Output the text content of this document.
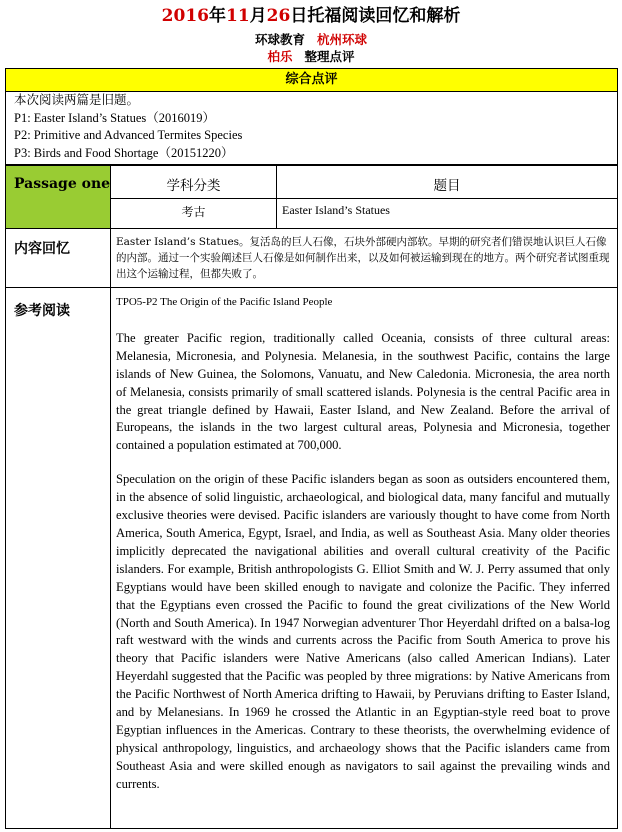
2016年11月26日托福阅读回忆和解析
环球教育 杭州环球
柏乐 整理点评
综合点评
本次阅读两篇是旧题。
P1: Easter Island’s Statues（2016019）
P2: Primitive and Advanced Termites Species
P3: Birds and Food Shortage（20151220）
Passage one	学科分类	题目
考古	Easter Island’s Statues
内容回忆	Easter Island’s Statues。复活岛的巨人石像，石块外部硬内部软。早期的研究者们错误地认识巨人石像的内部。通过一个实验阐述巨人石像是如何制作出来，以及如何被运输到现在的地方。两个研究者试图重现出这个运输过程，但都失败了。
参考阅读

TPO5-P2 The Origin of the Pacific Island People

The greater Pacific region, traditionally called Oceania, consists of three cultural areas: Melanesia, Micronesia, and Polynesia. Melanesia, in the southwest Pacific, contains the large islands of New Guinea, the Solomons, Vanuatu, and New Caledonia. Micronesia, the area north of Melanesia, consists primarily of small scattered islands. Polynesia is the central Pacific area in the great triangle defined by Hawaii, Easter Island, and New Zealand. Before the arrival of Europeans, the islands in the two largest cultural areas, Polynesia and Micronesia, together contained a population estimated at 700,000.

Speculation on the origin of these Pacific islanders began as soon as outsiders encountered them, in the absence of solid linguistic, archaeological, and biological data, many fanciful and mutually exclusive theories were devised. Pacific islanders are variously thought to have come from North America, South America, Egypt, Israel, and India, as well as Southeast Asia. Many older theories implicitly deprecated the navigational abilities and overall cultural creativity of the Pacific islanders. For example, British anthropologists G. Elliot Smith and W. J. Perry assumed that only Egyptians would have been skilled enough to navigate and colonize the Pacific. They inferred that the Egyptians even crossed the Pacific to found the great civilizations of the New World (North and South America). In 1947 Norwegian adventurer Thor Heyerdahl drifted on a balsa-log raft westward with the winds and currents across the Pacific from South America to prove his theory that Pacific islanders were Native Americans (also called American Indians). Later Heyerdahl suggested that the Pacific was peopled by three migrations: by Native Americans from the Pacific Northwest of North America drifting to Hawaii, by Peruvians drifting to Easter Island, and by Melanesians. In 1969 he crossed the Atlantic in an Egyptian-style reed boat to prove Egyptian influences in the Americas. Contrary to these theorists, the overwhelming evidence of physical anthropology, linguistics, and archaeology shows that the Pacific islanders came from Southeast Asia and were skilled enough as navigators to sail against the prevailing winds and currents.
